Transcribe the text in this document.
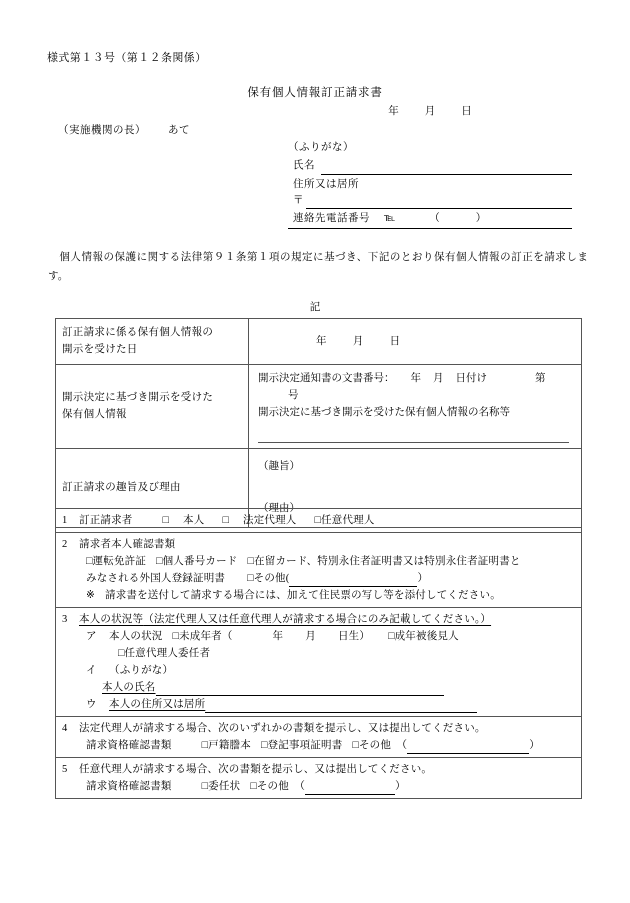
様式第１３号（第１２条関係）
保有個人情報訂正請求書
年 月 日
（実施機関の長） あて
（ふりがな）
氏名
住所又は居所
〒
連絡先電話番号 ℡	（	）
個人情報の保護に関する法律第９１条第１項の規定に基づき、下記のとおり保有個人情報の訂正を請求します。
記
訂正請求に係る保有個人情報の
開示を受けた日	年 月 日

開示決定に基づき開示を受けた
保有個人情報

開示決定通知書の文書番号： 年 月 日付け	第号
開示決定に基づき開示を受けた保有個人情報の名称等

訂正請求の趣旨及び理由	（趣旨）
（理由）
1 訂正請求者	□ 本人 □ 法定代理人 □任意代理人

2 請求者本人確認書類
□運転免許証 □個人番号カード □在留カード、特別永住者証明書又は特別永住者証明書と
みなされる外国人登録証明書 □その他(	）
※ 請求書を送付して請求する場合には、加えて住民票の写し等を添付してください。

3 本人の状況等（法定代理人又は任意代理人が請求する場合にのみ記載してください。）
ア 本人の状況 □未成年者（	年 月 日生） □成年被後見人
□任意代理人委任者
イ （ふりがな）
本人の氏名
ウ 本人の住所又は居所

4 法定代理人が請求する場合、次のいずれかの書類を提示し、又は提出してください。
請求資格確認書類	□戸籍謄本 □登記事項証明書 □その他　（	）

5 任意代理人が請求する場合、次の書類を提示し、又は提出してください。
請求資格確認書類	□委任状 □その他　（	）
